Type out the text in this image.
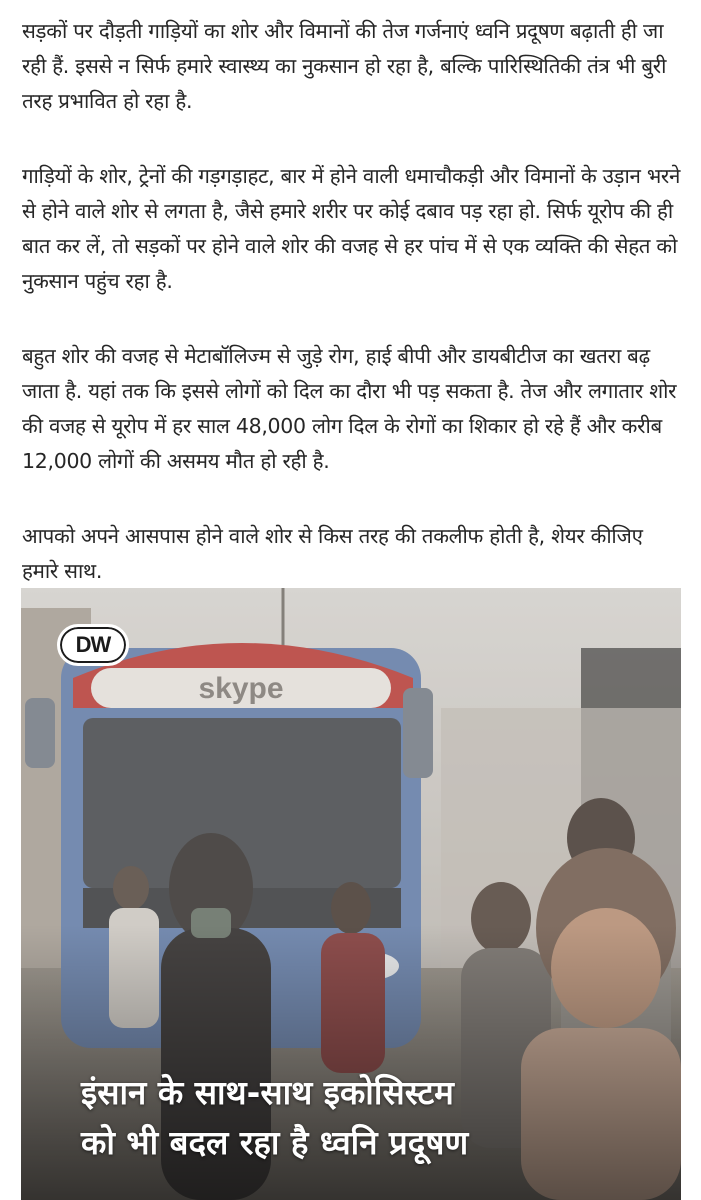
सड़कों पर दौड़ती गाड़ियों का शोर और विमानों की तेज गर्जनाएं ध्वनि प्रदूषण बढ़ाती ही जा रही हैं. इससे न सिर्फ हमारे स्वास्थ्य का नुकसान हो रहा है, बल्कि पारिस्थितिकी तंत्र भी बुरी तरह प्रभावित हो रहा है.

गाड़ियों के शोर, ट्रेनों की गड़गड़ाहट, बार में होने वाली धमाचौकड़ी और विमानों के उड़ान भरने से होने वाले शोर से लगता है, जैसे हमारे शरीर पर कोई दबाव पड़ रहा हो. सिर्फ यूरोप की ही बात कर लें, तो सड़कों पर होने वाले शोर की वजह से हर पांच में से एक व्यक्ति की सेहत को नुकसान पहुंच रहा है.

बहुत शोर की वजह से मेटाबॉलिज्म से जुड़े रोग, हाई बीपी और डायबीटीज का खतरा बढ़ जाता है. यहां तक कि इससे लोगों को दिल का दौरा भी पड़ सकता है. तेज और लगातार शोर की वजह से यूरोप में हर साल 48,000 लोग दिल के रोगों का शिकार हो रहे हैं और करीब 12,000 लोगों की असमय मौत हो रही है.

आपको अपने आसपास होने वाले शोर से किस तरह की तकलीफ होती है, शेयर कीजिए हमारे साथ.

DW
इंसान के साथ-साथ इकोसिस्टम
को भी बदल रहा है ध्वनि प्रदूषण
